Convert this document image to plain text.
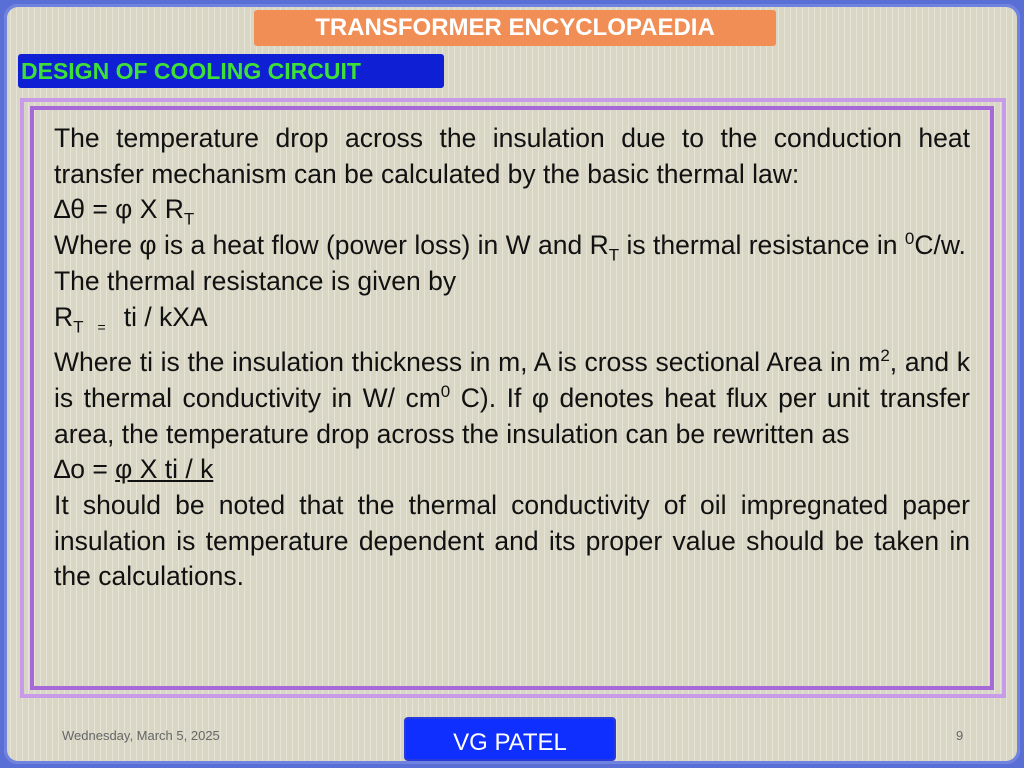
TRANSFORMER ENCYCLOPAEDIA
DESIGN OF COOLING CIRCUIT

The temperature drop across the insulation due to the conduction heat transfer mechanism can be calculated by the basic thermal law:

∆θ = φ X $R_T$

Where φ is a heat flow (power loss) in W and $R_T$ is thermal resistance in $^0$C/w.

The thermal resistance is given by

$R_T$ $_=$ ti / kXA

Where ti is the insulation thickness in m, A is cross sectional Area in $m^2$, and k is thermal conductivity in W/ $cm^0$ C). If φ denotes heat flux per unit transfer area, the temperature drop across the insulation can be rewritten as

∆o = φ X ti / k

It should be noted that the thermal conductivity of oil impregnated paper insulation is temperature dependent and its proper value should be taken in the calculations.

Wednesday, March 5, 2025	VG PATEL	9
